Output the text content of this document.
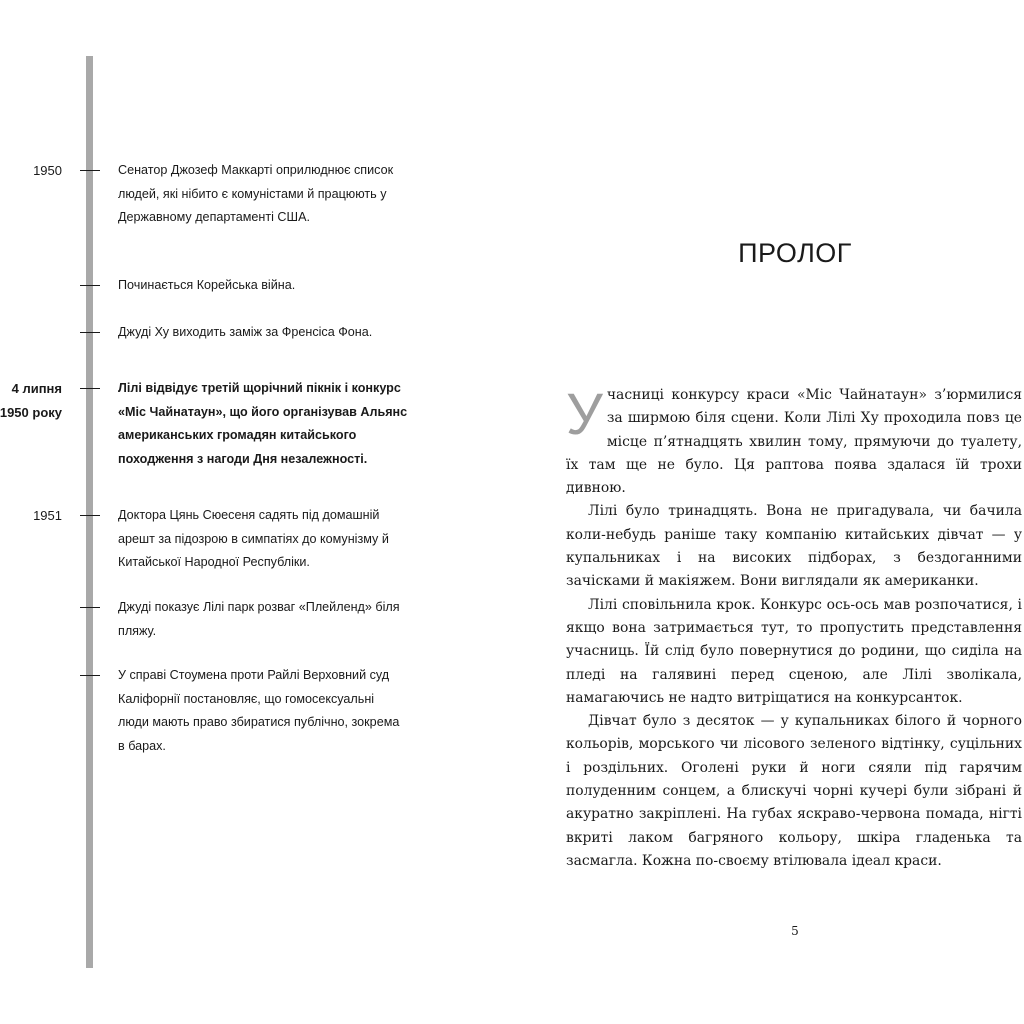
1950	Сенатор Джозеф Маккарті оприлюднює список людей, які нібито є комуністами й працюють у Державному департаменті США.

Починається Корейська війна.

Джуді Ху виходить заміж за Френсіса Фона.

4 липня 1950 року

Лілі відвідує третій щорічний пікнік і конкурс «Міс Чайнатаун», що його організував Альянс американських громадян китайського походження з нагоди Дня незалежності.

1951	Доктора Цянь Сюесеня садять під домашній арешт за підозрою в симпатіях до комунізму й Китайської Народної Республіки.

Джуді показує Лілі парк розваг «Плейленд» біля пляжу.

У справі Стоумена проти Райлі Верховний суд Каліфорнії постановляє, що гомосексуальні люди мають право збиратися публічно, зокрема в барах.

ПРОЛОГ

Учасниці конкурсу краси «Міс Чайнатаун» з’юрмилися за ширмою біля сцени. Коли Лілі Ху проходила повз це місце п’ятнадцять хвилин тому, прямуючи до туалету, їх там ще не було. Ця раптова поява здалася їй трохи дивною.

Лілі було тринадцять. Вона не пригадувала, чи бачила коли-небудь раніше таку компанію китайських дівчат — у купальниках і на високих підборах, з бездоганними зачісками й макіяжем. Вони виглядали як американки.

Лілі сповільнила крок. Конкурс ось-ось мав розпочатися, і якщо вона затримається тут, то пропустить представлення учасниць. Їй слід було повернутися до родини, що сиділа на пледі на галявині перед сценою, але Лілі зволікала, намагаючись не надто витріщатися на конкурсанток.

Дівчат було з десяток — у купальниках білого й чорного кольорів, морського чи лісового зеленого відтінку, суцільних і роздільних. Оголені руки й ноги сяяли під гарячим полуденним сонцем, а блискучі чорні кучері були зібрані й акуратно закріплені. На губах яскраво-червона помада, нігті вкриті лаком багряного кольору, шкіра гладенька та засмагла. Кожна по-своєму втілювала ідеал краси.

5
